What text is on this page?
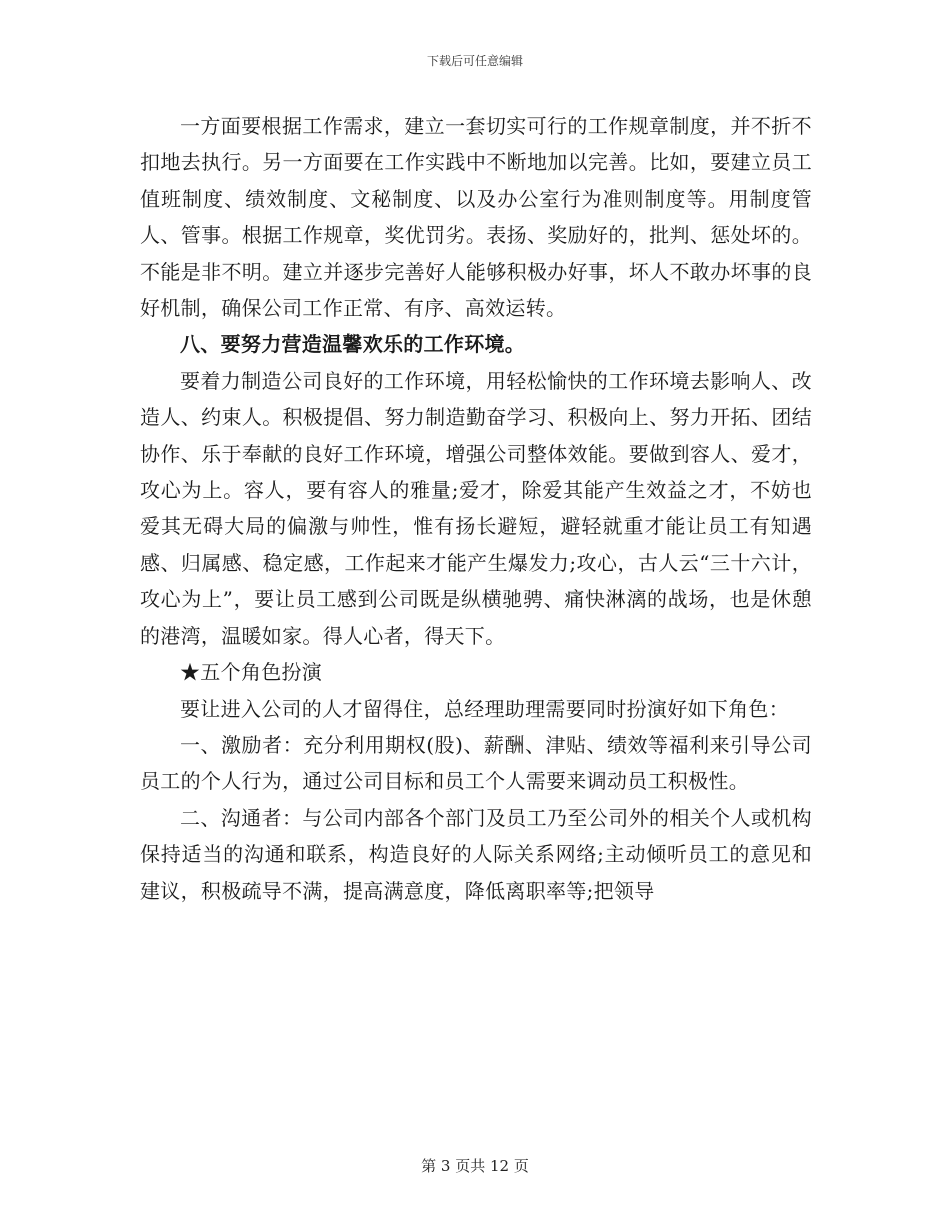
下载后可任意编辑

一方面要根据工作需求，建立一套切实可行的工作规章制度，并不折不扣地去执行。另一方面要在工作实践中不断地加以完善。比如，要建立员工值班制度、绩效制度、文秘制度、以及办公室行为准则制度等。用制度管人、管事。根据工作规章，奖优罚劣。表扬、奖励好的，批判、惩处坏的。不能是非不明。建立并逐步完善好人能够积极办好事，坏人不敢办坏事的良好机制，确保公司工作正常、有序、高效运转。

八、要努力营造温馨欢乐的工作环境。

要着力制造公司良好的工作环境，用轻松愉快的工作环境去影响人、改造人、约束人。积极提倡、努力制造勤奋学习、积极向上、努力开拓、团结协作、乐于奉献的良好工作环境，增强公司整体效能。要做到容人、爱才，攻心为上。容人，要有容人的雅量;爱才，除爱其能产生效益之才，不妨也爱其无碍大局的偏激与帅性，惟有扬长避短，避轻就重才能让员工有知遇感、归属感、稳定感，工作起来才能产生爆发力;攻心，古人云“三十六计，攻心为上”，要让员工感到公司既是纵横驰骋、痛快淋漓的战场，也是休憩的港湾，温暖如家。得人心者，得天下。

★五个角色扮演

要让进入公司的人才留得住，总经理助理需要同时扮演好如下角色：

一、激励者：充分利用期权(股)、薪酬、津贴、绩效等福利来引导公司员工的个人行为，通过公司目标和员工个人需要来调动员工积极性。

二、沟通者：与公司内部各个部门及员工乃至公司外的相关个人或机构保持适当的沟通和联系，构造良好的人际关系网络;主动倾听员工的意见和建议，积极疏导不满，提高满意度，降低离职率等;把领导

第 3 页共 12 页
